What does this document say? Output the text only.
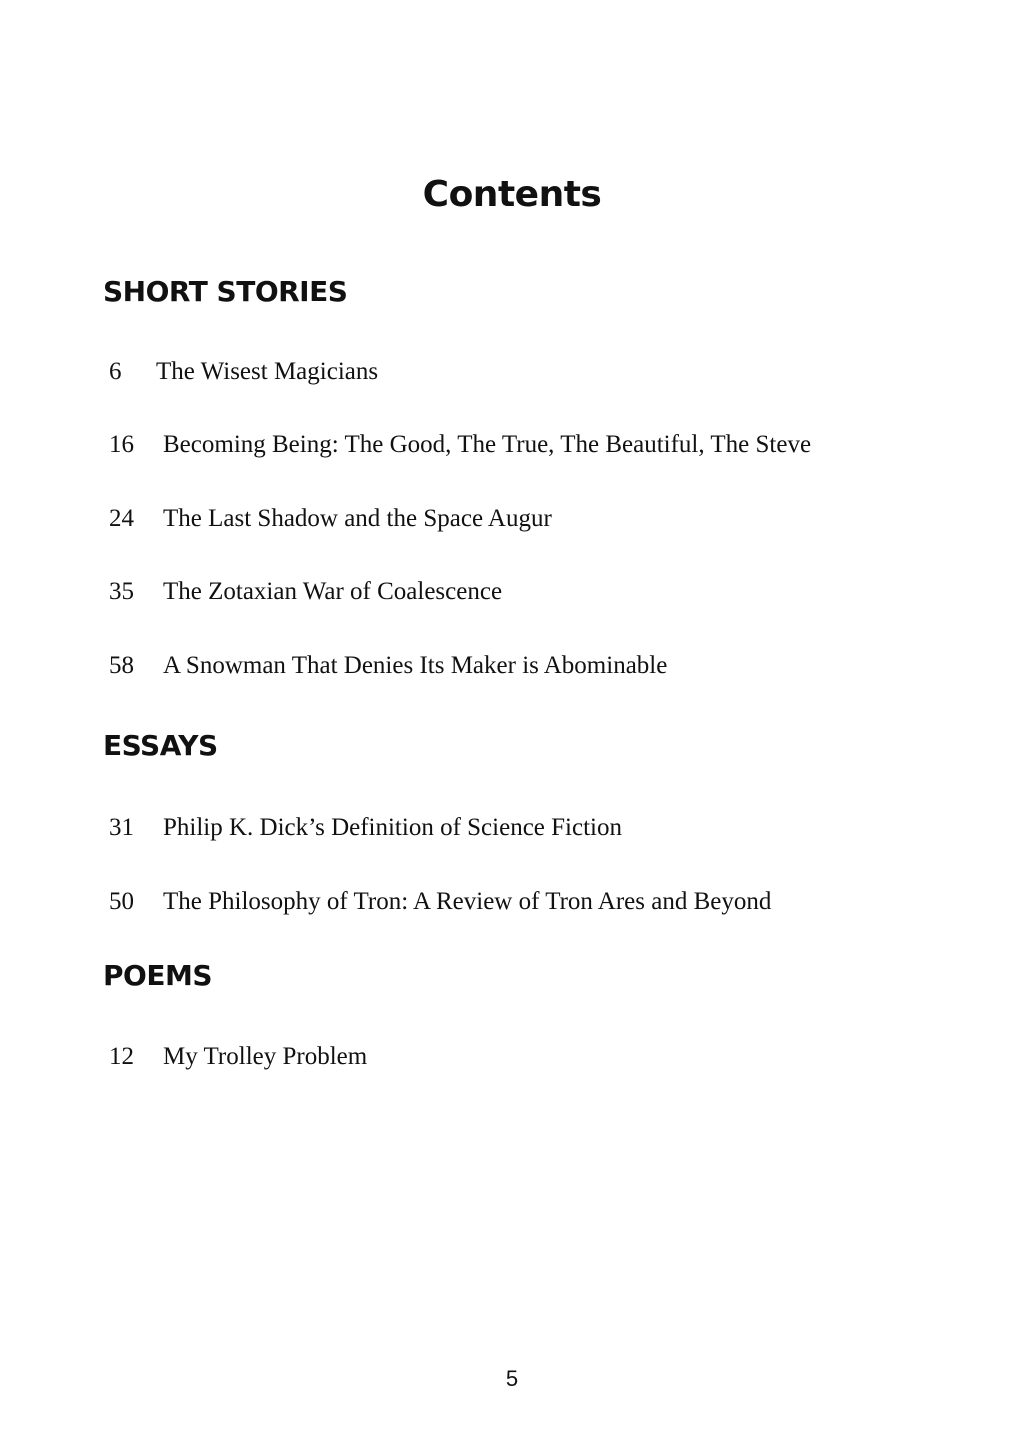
Contents
SHORT STORIES
6 The Wisest Magicians
16 Becoming Being: The Good, The True, The Beautiful, The Steve
24 The Last Shadow and the Space Augur
35 The Zotaxian War of Coalescence
58 A Snowman That Denies Its Maker is Abominable
ESSAYS
31 Philip K. Dick’s Definition of Science Fiction
50 The Philosophy of Tron: A Review of Tron Ares and Beyond
POEMS
12 My Trolley Problem
5
